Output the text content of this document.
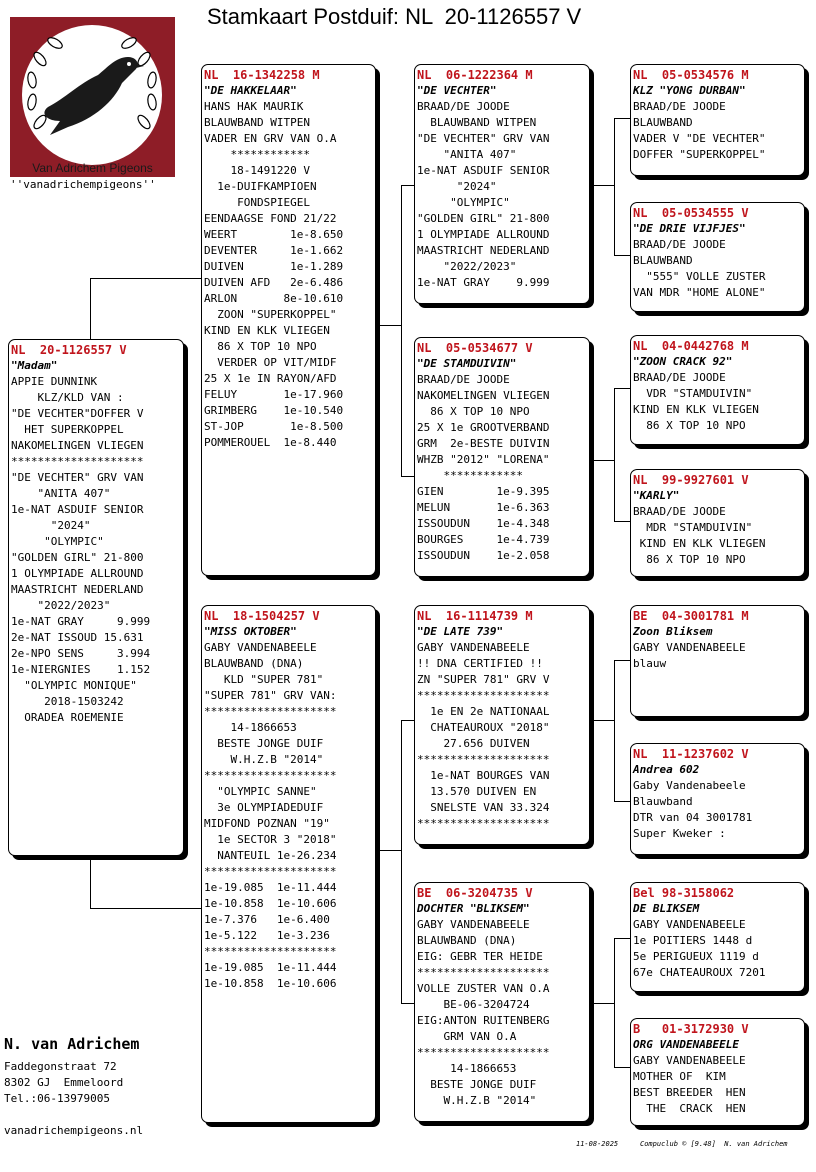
Stamkaart Postduif: NL  20-1126557 V
Van Adrichem Pigeons
''vanadrichempigeons''
NL  20-1126557 V
"Madam"
APPIE DUNNINK
KLZ/KLD VAN :
"DE VECHTER"DOFFER V
HET SUPERKOPPEL
NAKOMELINGEN VLIEGEN
********************
"DE VECHTER" GRV VAN
"ANITA 407"
1e-NAT ASDUIF SENIOR
"2024"
"OLYMPIC"
"GOLDEN GIRL" 21-800
1 OLYMPIADE ALLROUND
MAASTRICHT NEDERLAND
"2022/2023"
1e-NAT GRAY     9.999
2e-NAT ISSOUD 15.631
2e-NPO SENS     3.994
1e-NIERGNIES    1.152
"OLYMPIC MONIQUE"
2018-1503242
ORADEA ROEMENIE
NL  16-1342258 M
"DE HAKKELAAR"
HANS HAK MAURIK
BLAUWBAND WITPEN
VADER EN GRV VAN O.A
************
18-1491220 V
1e-DUIFKAMPIOEN
FONDSPIEGEL
EENDAAGSE FOND 21/22
WEERT        1e-8.650
DEVENTER     1e-1.662
DUIVEN       1e-1.289
DUIVEN AFD   2e-6.486
ARLON       8e-10.610
ZOON "SUPERKOPPEL"
KIND EN KLK VLIEGEN
86 X TOP 10 NPO
VERDER OP VIT/MIDF
25 X 1e IN RAYON/AFD
FELUY       1e-17.960
GRIMBERG    1e-10.540
ST-JOP       1e-8.500
POMMEROUEL  1e-8.440
NL  18-1504257 V
"MISS OKTOBER"
GABY VANDENABEELE
BLAUWBAND (DNA)
KLD "SUPER 781"
"SUPER 781" GRV VAN:
********************
14-1866653
BESTE JONGE DUIF
W.H.Z.B "2014"
********************
"OLYMPIC SANNE"
3e OLYMPIADEDUIF
MIDFOND POZNAN "19"
1e SECTOR 3 "2018"
NANTEUIL 1e-26.234
********************
1e-19.085  1e-11.444
1e-10.858  1e-10.606
1e-7.376   1e-6.400
1e-5.122   1e-3.236
********************
1e-19.085  1e-11.444
1e-10.858  1e-10.606
NL  06-1222364 M
"DE VECHTER"
BRAAD/DE JOODE
BLAUWBAND WITPEN
"DE VECHTER" GRV VAN
"ANITA 407"
1e-NAT ASDUIF SENIOR
"2024"
"OLYMPIC"
"GOLDEN GIRL" 21-800
1 OLYMPIADE ALLROUND
MAASTRICHT NEDERLAND
"2022/2023"
1e-NAT GRAY    9.999
NL  05-0534677 V
"DE STAMDUIVIN"
BRAAD/DE JOODE
NAKOMELINGEN VLIEGEN
86 X TOP 10 NPO
25 X 1e GROOTVERBAND
GRM  2e-BESTE DUIVIN
WHZB "2012" "LORENA"
************
GIEN        1e-9.395
MELUN       1e-6.363
ISSOUDUN    1e-4.348
BOURGES     1e-4.739
ISSOUDUN    1e-2.058
NL  16-1114739 M
"DE LATE 739"
GABY VANDENABEELE
!! DNA CERTIFIED !!
ZN "SUPER 781" GRV V
********************
1e EN 2e NATIONAAL
CHATEAUROUX "2018"
27.656 DUIVEN
********************
1e-NAT BOURGES VAN
13.570 DUIVEN EN
SNELSTE VAN 33.324
********************
BE  06-3204735 V
DOCHTER "BLIKSEM"
GABY VANDENABEELE
BLAUWBAND (DNA)
EIG: GEBR TER HEIDE
********************
VOLLE ZUSTER VAN O.A
BE-06-3204724
EIG:ANTON RUITENBERG
GRM VAN O.A
********************
14-1866653
BESTE JONGE DUIF
W.H.Z.B "2014"
NL  05-0534576 M
KLZ "YONG DURBAN"
BRAAD/DE JOODE
BLAUWBAND
VADER V "DE VECHTER"
DOFFER "SUPERKOPPEL"
NL  05-0534555 V
"DE DRIE VIJFJES"
BRAAD/DE JOODE
BLAUWBAND
"555" VOLLE ZUSTER
VAN MDR "HOME ALONE"
NL  04-0442768 M
"ZOON CRACK 92"
BRAAD/DE JOODE
VDR "STAMDUIVIN"
KIND EN KLK VLIEGEN
86 X TOP 10 NPO
NL  99-9927601 V
"KARLY"
BRAAD/DE JOODE
MDR "STAMDUIVIN"
KIND EN KLK VLIEGEN
86 X TOP 10 NPO
BE  04-3001781 M
Zoon Bliksem
GABY VANDENABEELE
blauw
NL  11-1237602 V
Andrea 602
Gaby Vandenabeele
Blauwband
DTR van 04 3001781
Super Kweker :
Bel 98-3158062
DE BLIKSEM
GABY VANDENABEELE
1e POITIERS 1448 d
5e PERIGUEUX 1119 d
67e CHATEAUROUX 7201
B   01-3172930 V
ORG VANDENABEELE
GABY VANDENABEELE
MOTHER OF  KIM
BEST BREEDER  HEN
THE  CRACK  HEN
N. van Adrichem
Faddegonstraat 72
8302 GJ  Emmeloord
Tel.:06-13979005
vanadrichempigeons.nl
11-08-2025	Compuclub © [9.48]  N. van Adrichem
